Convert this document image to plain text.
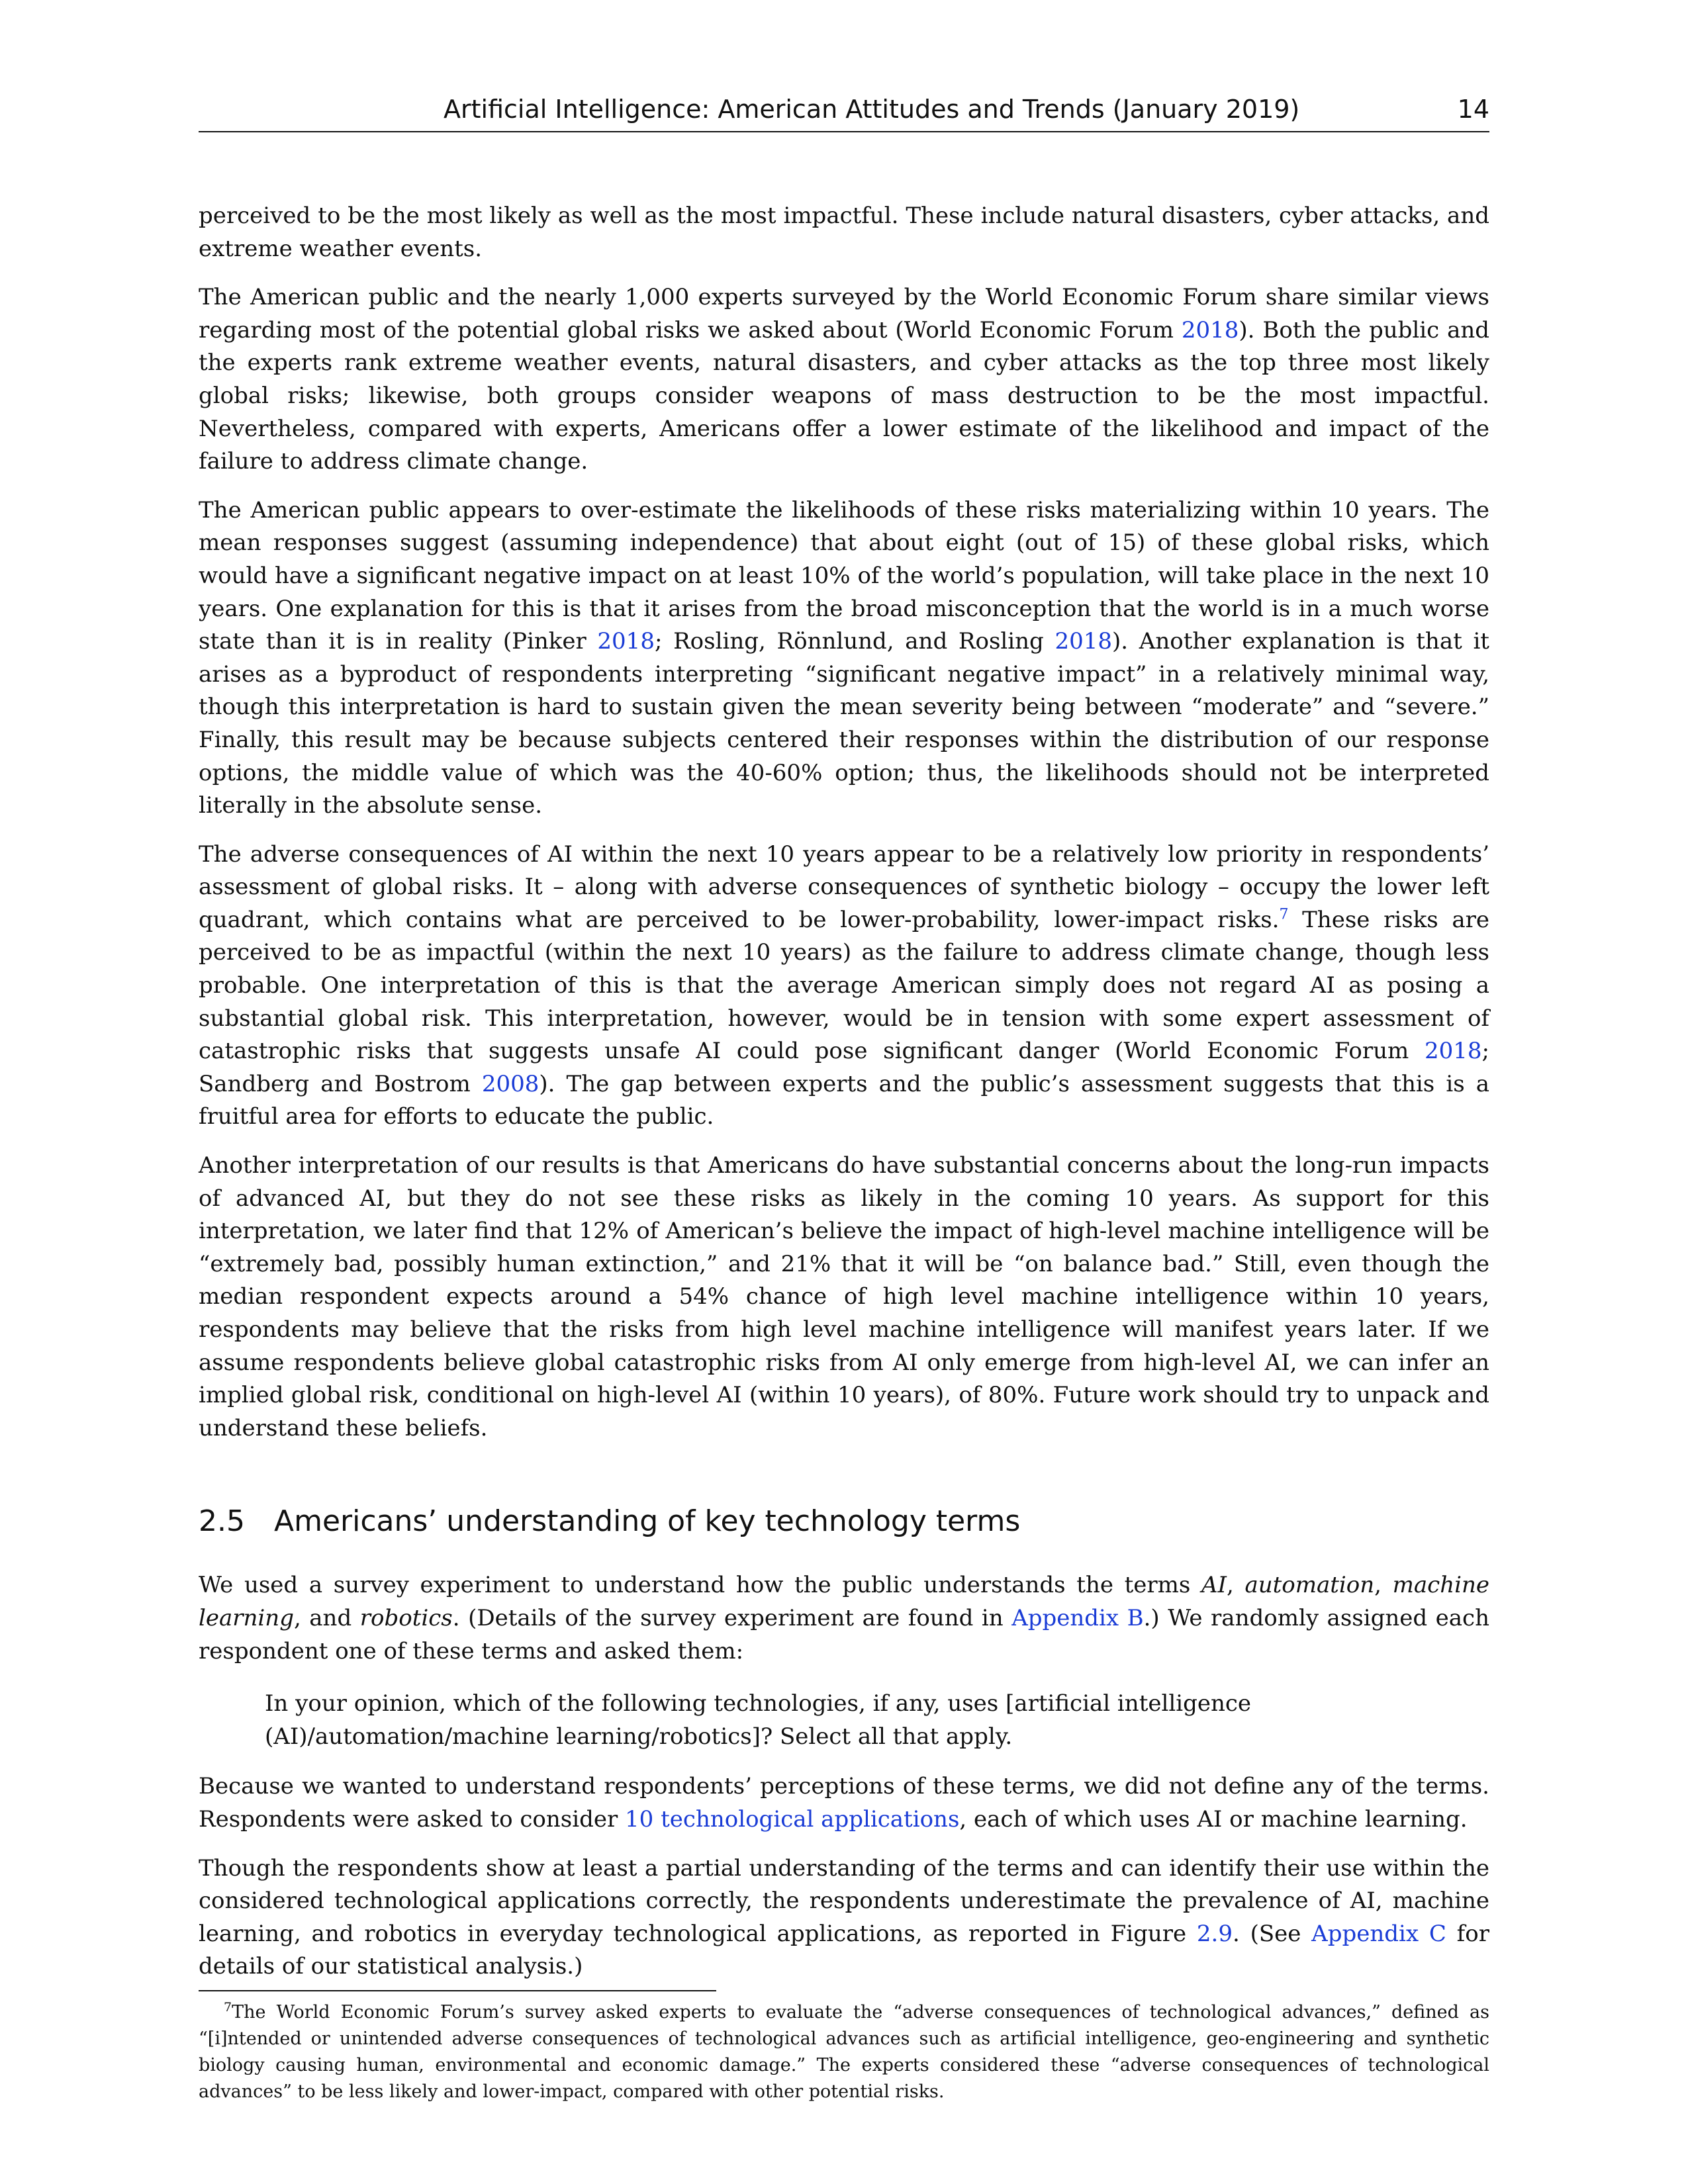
Artificial Intelligence: American Attitudes and Trends (January 2019)	14

perceived to be the most likely as well as the most impactful. These include natural disasters, cyber attacks, and extreme weather events.

The American public and the nearly 1,000 experts surveyed by the World Economic Forum share similar views regarding most of the potential global risks we asked about (World Economic Forum 2018). Both the public and the experts rank extreme weather events, natural disasters, and cyber attacks as the top three most likely global risks; likewise, both groups consider weapons of mass destruction to be the most impactful. Nevertheless, compared with experts, Americans offer a lower estimate of the likelihood and impact of the failure to address climate change.

The American public appears to over-estimate the likelihoods of these risks materializing within 10 years. The mean responses suggest (assuming independence) that about eight (out of 15) of these global risks, which would have a significant negative impact on at least 10% of the world’s population, will take place in the next 10 years. One explanation for this is that it arises from the broad misconception that the world is in a much worse state than it is in reality (Pinker 2018; Rosling, Rönnlund, and Rosling 2018). Another explanation is that it arises as a byproduct of respondents interpreting “significant negative impact” in a relatively minimal way, though this interpretation is hard to sustain given the mean severity being between “moderate” and “severe.” Finally, this result may be because subjects centered their responses within the distribution of our response options, the middle value of which was the 40-60% option; thus, the likelihoods should not be interpreted literally in the absolute sense.

The adverse consequences of AI within the next 10 years appear to be a relatively low priority in respondents’ assessment of global risks. It – along with adverse consequences of synthetic biology – occupy the lower left quadrant, which contains what are perceived to be lower-probability, lower-impact risks.$^7$ These risks are perceived to be as impactful (within the next 10 years) as the failure to address climate change, though less probable. One interpretation of this is that the average American simply does not regard AI as posing a substantial global risk. This interpretation, however, would be in tension with some expert assessment of catastrophic risks that suggests unsafe AI could pose significant danger (World Economic Forum 2018; Sandberg and Bostrom 2008). The gap between experts and the public’s assessment suggests that this is a fruitful area for efforts to educate the public.

Another interpretation of our results is that Americans do have substantial concerns about the long-run impacts of advanced AI, but they do not see these risks as likely in the coming 10 years. As support for this interpretation, we later find that 12% of American’s believe the impact of high-level machine intelligence will be “extremely bad, possibly human extinction,” and 21% that it will be “on balance bad.” Still, even though the median respondent expects around a 54% chance of high level machine intelligence within 10 years, respondents may believe that the risks from high level machine intelligence will manifest years later. If we assume respondents believe global catastrophic risks from AI only emerge from high-level AI, we can infer an implied global risk, conditional on high-level AI (within 10 years), of 80%. Future work should try to unpack and understand these beliefs.

2.5 Americans’ understanding of key technology terms

We used a survey experiment to understand how the public understands the terms AI, automation, machine learning, and robotics. (Details of the survey experiment are found in Appendix B.) We randomly assigned each respondent one of these terms and asked them:

In your opinion, which of the following technologies, if any, uses [artificial intelligence (AI)/automation/machine learning/robotics]? Select all that apply.

Because we wanted to understand respondents’ perceptions of these terms, we did not define any of the terms. Respondents were asked to consider 10 technological applications, each of which uses AI or machine learning.

Though the respondents show at least a partial understanding of the terms and can identify their use within the considered technological applications correctly, the respondents underestimate the prevalence of AI, machine learning, and robotics in everyday technological applications, as reported in Figure 2.9. (See Appendix C for details of our statistical analysis.)

$^7$The World Economic Forum’s survey asked experts to evaluate the “adverse consequences of technological advances,” defined as “[i]ntended or unintended adverse consequences of technological advances such as artificial intelligence, geo-engineering and synthetic biology causing human, environmental and economic damage.” The experts considered these “adverse consequences of technological advances” to be less likely and lower-impact, compared with other potential risks.
